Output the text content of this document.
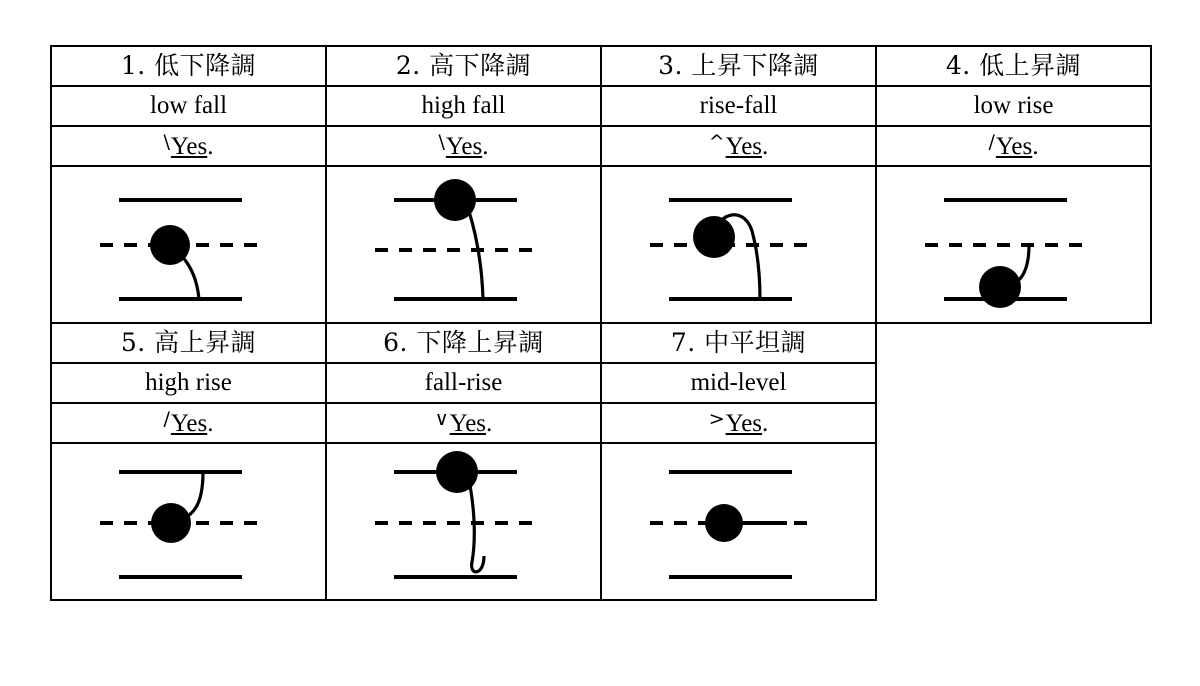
1. 低下降調	2. 高下降調	3. 上昇下降調	4. 低上昇調

low fall	high fall	rise-fall	low rise

\Yes.	\Yes.	^Yes.	/Yes.

5. 高上昇調	6. 下降上昇調	7. 中平坦調	

high rise	fall-rise	mid-level	

/Yes.	∨Yes.	>Yes.	
